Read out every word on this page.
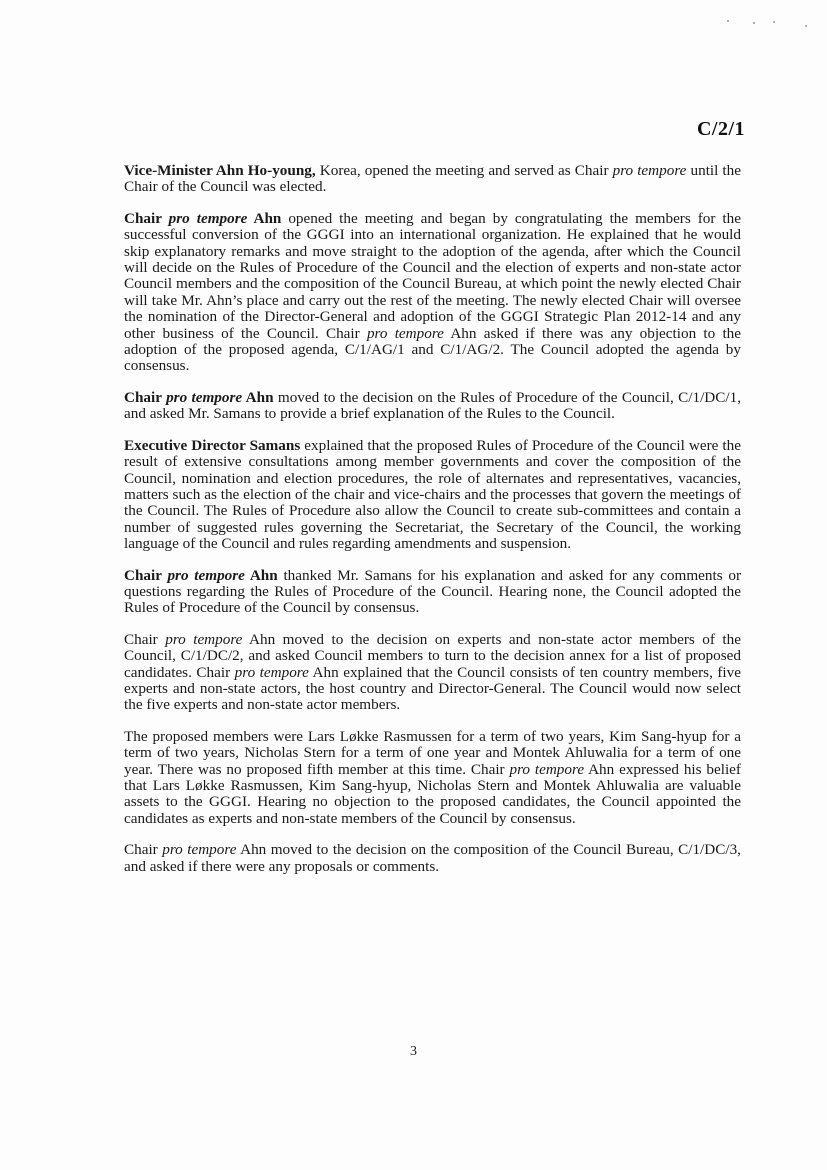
C/2/1

Vice-Minister Ahn Ho-young, Korea, opened the meeting and served as Chair pro tempore until the Chair of the Council was elected.

Chair pro tempore Ahn opened the meeting and began by congratulating the members for the successful conversion of the GGGI into an international organization. He explained that he would skip explanatory remarks and move straight to the adoption of the agenda, after which the Council will decide on the Rules of Procedure of the Council and the election of experts and non-state actor Council members and the composition of the Council Bureau, at which point the newly elected Chair will take Mr. Ahn’s place and carry out the rest of the meeting. The newly elected Chair will oversee the nomination of the Director-General and adoption of the GGGI Strategic Plan 2012-14 and any other business of the Council. Chair pro tempore Ahn asked if there was any objection to the adoption of the proposed agenda, C/1/AG/1 and C/1/AG/2. The Council adopted the agenda by consensus.

Chair pro tempore Ahn moved to the decision on the Rules of Procedure of the Council, C/1/DC/1, and asked Mr. Samans to provide a brief explanation of the Rules to the Council.

Executive Director Samans explained that the proposed Rules of Procedure of the Council were the result of extensive consultations among member governments and cover the composition of the Council, nomination and election procedures, the role of alternates and representatives, vacancies, matters such as the election of the chair and vice-chairs and the processes that govern the meetings of the Council. The Rules of Procedure also allow the Council to create sub-committees and contain a number of suggested rules governing the Secretariat, the Secretary of the Council, the working language of the Council and rules regarding amendments and suspension.

Chair pro tempore Ahn thanked Mr. Samans for his explanation and asked for any comments or questions regarding the Rules of Procedure of the Council. Hearing none, the Council adopted the Rules of Procedure of the Council by consensus.

Chair pro tempore Ahn moved to the decision on experts and non-state actor members of the Council, C/1/DC/2, and asked Council members to turn to the decision annex for a list of proposed candidates. Chair pro tempore Ahn explained that the Council consists of ten country members, five experts and non-state actors, the host country and Director-General. The Council would now select the five experts and non-state actor members.

The proposed members were Lars Løkke Rasmussen for a term of two years, Kim Sang-hyup for a term of two years, Nicholas Stern for a term of one year and Montek Ahluwalia for a term of one year. There was no proposed fifth member at this time. Chair pro tempore Ahn expressed his belief that Lars Løkke Rasmussen, Kim Sang-hyup, Nicholas Stern and Montek Ahluwalia are valuable assets to the GGGI. Hearing no objection to the proposed candidates, the Council appointed the candidates as experts and non-state members of the Council by consensus.

Chair pro tempore Ahn moved to the decision on the composition of the Council Bureau, C/1/DC/3, and asked if there were any proposals or comments.

3
